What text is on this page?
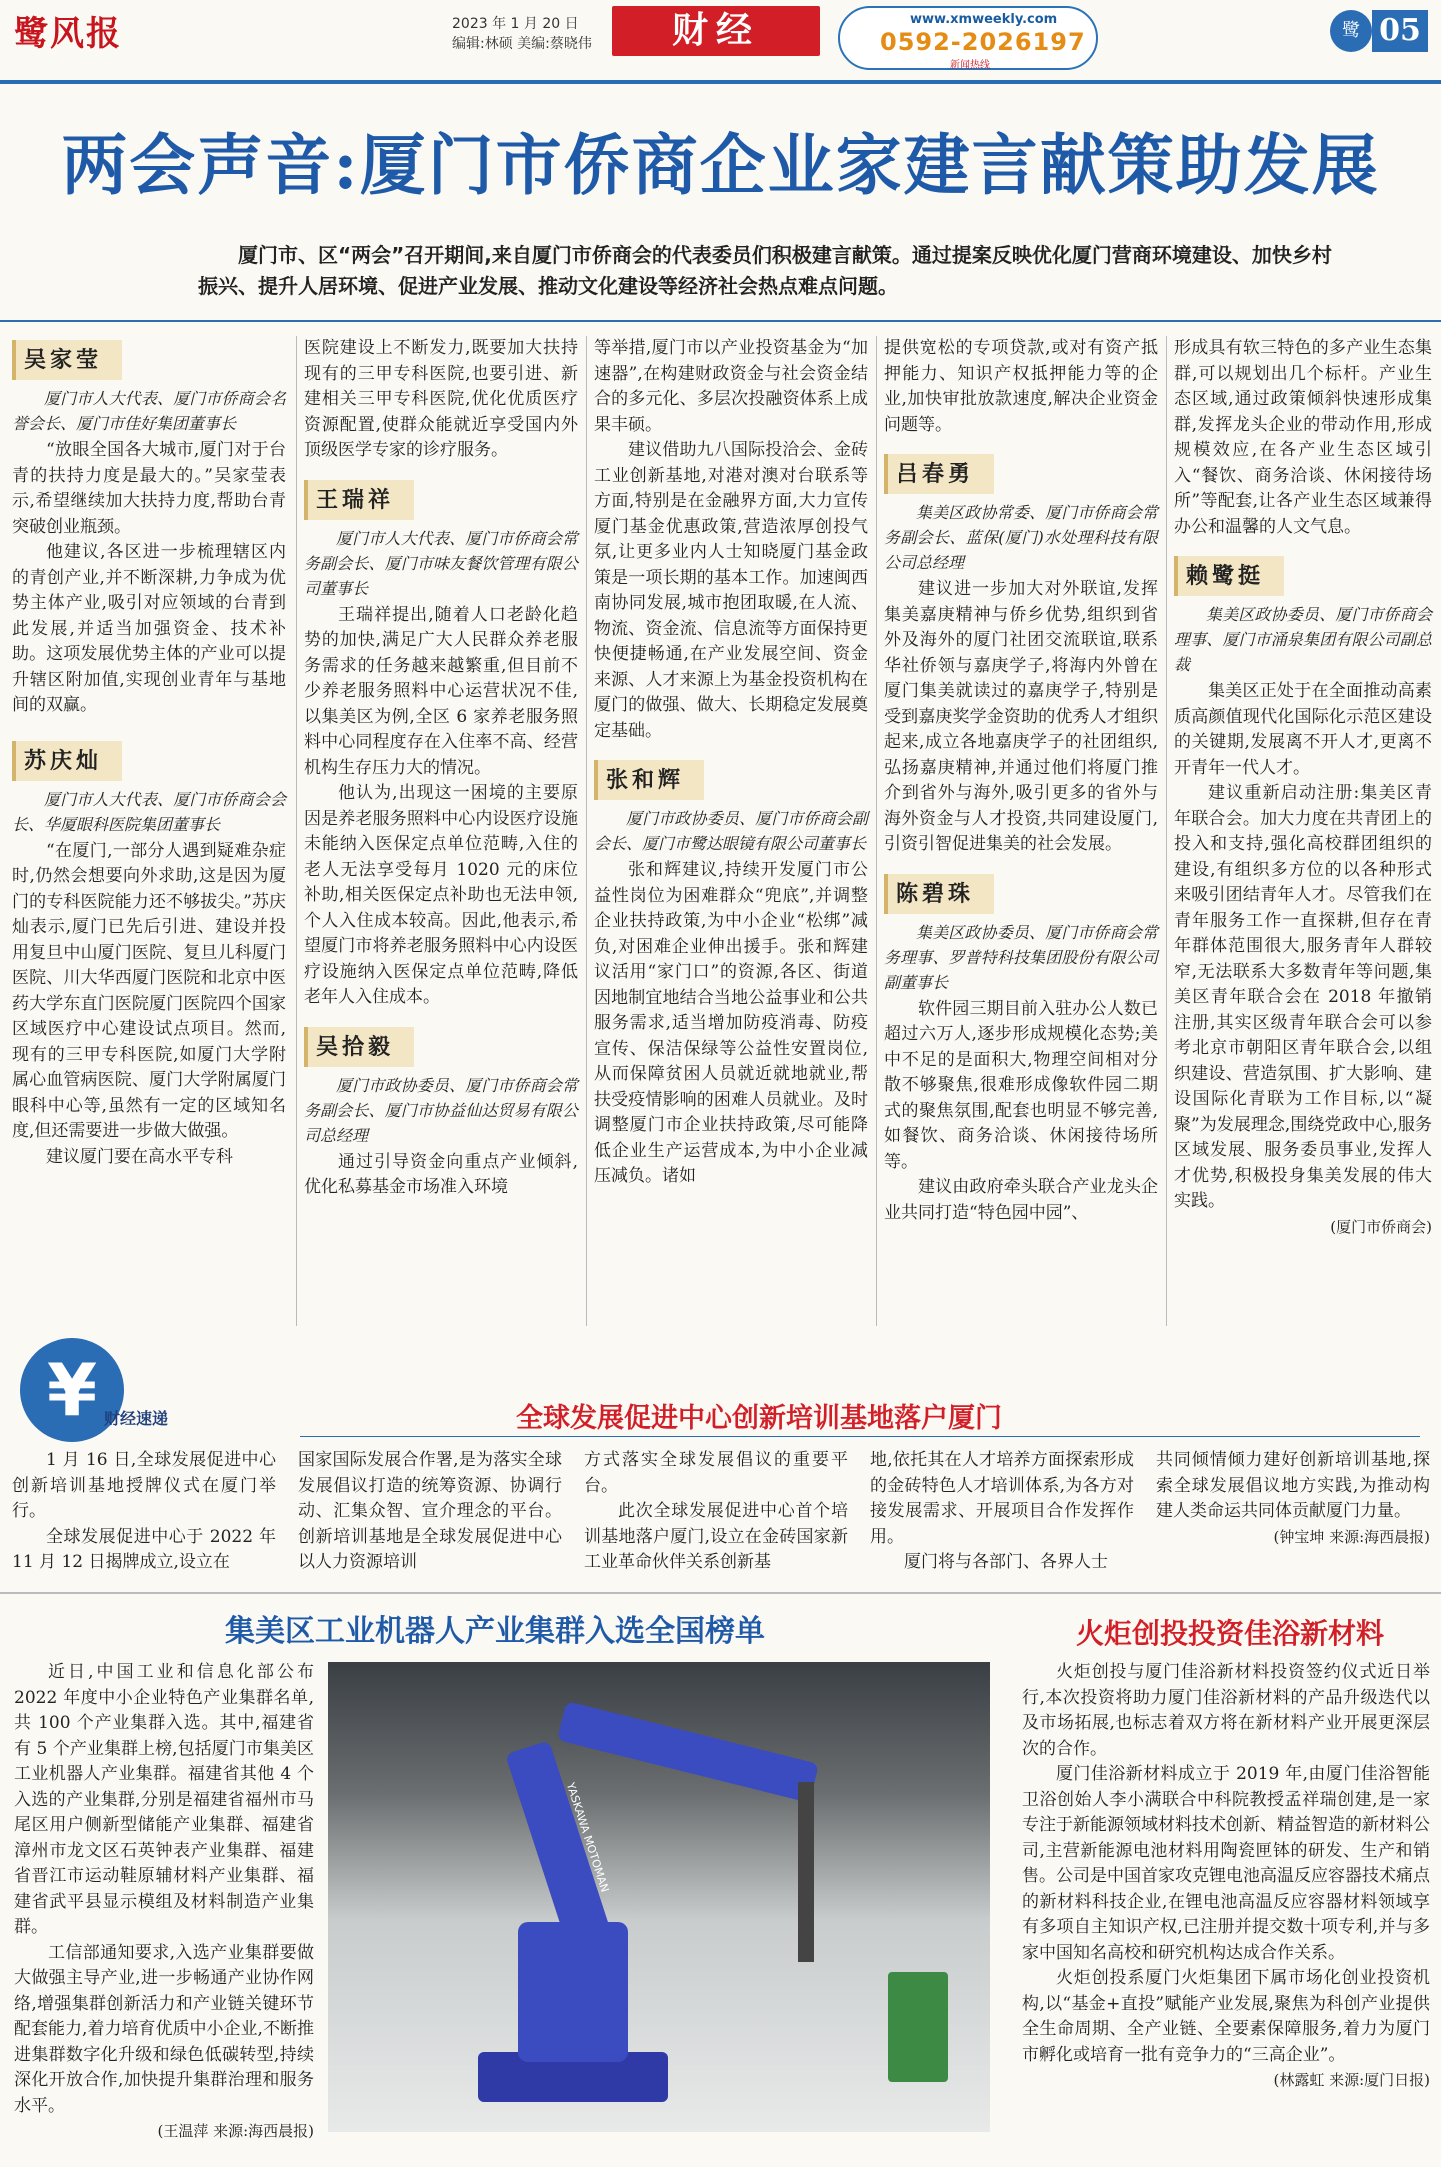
鹭风报	2023 年 1 月 20 日
编辑:林硕 美编:蔡晓伟	财经	www.xmweekly.com
0592-2026197
新闻热线
鹭 05
两会声音:厦门市侨商企业家建言献策助发展
厦门市、区“两会”召开期间,来自厦门市侨商会的代表委员们积极建言献策。通过提案反映优化厦门营商环境建设、加快乡村振兴、提升人居环境、促进产业发展、推动文化建设等经济社会热点难点问题。
吴家莹
厦门市人大代表、厦门市侨商会名誉会长、厦门市佳好集团董事长

“放眼全国各大城市,厦门对于台青的扶持力度是最大的。”吴家莹表示,希望继续加大扶持力度,帮助台青突破创业瓶颈。

他建议,各区进一步梳理辖区内的青创产业,并不断深耕,力争成为优势主体产业,吸引对应领域的台青到此发展,并适当加强资金、技术补助。这项发展优势主体的产业可以提升辖区附加值,实现创业青年与基地间的双赢。

苏庆灿
厦门市人大代表、厦门市侨商会会长、华厦眼科医院集团董事长

“在厦门,一部分人遇到疑难杂症时,仍然会想要向外求助,这是因为厦门的专科医院能力还不够拔尖。”苏庆灿表示,厦门已先后引进、建设并投用复旦中山厦门医院、复旦儿科厦门医院、川大华西厦门医院和北京中医药大学东直门医院厦门医院四个国家区域医疗中心建设试点项目。然而,现有的三甲专科医院,如厦门大学附属心血管病医院、厦门大学附属厦门眼科中心等,虽然有一定的区域知名度,但还需要进一步做大做强。

建议厦门要在高水平专科

医院建设上不断发力,既要加大扶持现有的三甲专科医院,也要引进、新建相关三甲专科医院,优化优质医疗资源配置,使群众能就近享受国内外顶级医学专家的诊疗服务。

王瑞祥
厦门市人大代表、厦门市侨商会常务副会长、厦门市味友餐饮管理有限公司董事长

王瑞祥提出,随着人口老龄化趋势的加快,满足广大人民群众养老服务需求的任务越来越繁重,但目前不少养老服务照料中心运营状况不佳,以集美区为例,全区 6 家养老服务照料中心同程度存在入住率不高、经营机构生存压力大的情况。

他认为,出现这一困境的主要原因是养老服务照料中心内设医疗设施未能纳入医保定点单位范畴,入住的老人无法享受每月 1020 元的床位补助,相关医保定点补助也无法申领,个人入住成本较高。因此,他表示,希望厦门市将养老服务照料中心内设医疗设施纳入医保定点单位范畴,降低老年人入住成本。

吴拾毅
厦门市政协委员、厦门市侨商会常务副会长、厦门市协益仙达贸易有限公司总经理

通过引导资金向重点产业倾斜,优化私募基金市场准入环境

等举措,厦门市以产业投资基金为“加速器”,在构建财政资金与社会资金结合的多元化、多层次投融资体系上成果丰硕。

建议借助九八国际投洽会、金砖工业创新基地,对港对澳对台联系等方面,特别是在金融界方面,大力宣传厦门基金优惠政策,营造浓厚创投气氛,让更多业内人士知晓厦门基金政策是一项长期的基本工作。加速闽西南协同发展,城市抱团取暖,在人流、物流、资金流、信息流等方面保持更快便捷畅通,在产业发展空间、资金来源、人才来源上为基金投资机构在厦门的做强、做大、长期稳定发展奠定基础。

张和辉
厦门市政协委员、厦门市侨商会副会长、厦门市鹭达眼镜有限公司董事长

张和辉建议,持续开发厦门市公益性岗位为困难群众“兜底”,并调整企业扶持政策,为中小企业“松绑”减负,对困难企业伸出援手。张和辉建议活用“家门口”的资源,各区、街道因地制宜地结合当地公益事业和公共服务需求,适当增加防疫消毒、防疫宣传、保洁保绿等公益性安置岗位,从而保障贫困人员就近就地就业,帮扶受疫情影响的困难人员就业。及时调整厦门市企业扶持政策,尽可能降低企业生产运营成本,为中小企业减压减负。诸如

提供宽松的专项贷款,或对有资产抵押能力、知识产权抵押能力等的企业,加快审批放款速度,解决企业资金问题等。

吕春勇
集美区政协常委、厦门市侨商会常务副会长、蓝保(厦门)水处理科技有限公司总经理

建议进一步加大对外联谊,发挥集美嘉庚精神与侨乡优势,组织到省外及海外的厦门社团交流联谊,联系华社侨领与嘉庚学子,将海内外曾在厦门集美就读过的嘉庚学子,特别是受到嘉庚奖学金资助的优秀人才组织起来,成立各地嘉庚学子的社团组织,弘扬嘉庚精神,并通过他们将厦门推介到省外与海外,吸引更多的省外与海外资金与人才投资,共同建设厦门,引资引智促进集美的社会发展。

陈碧珠
集美区政协委员、厦门市侨商会常务理事、罗普特科技集团股份有限公司副董事长

软件园三期目前入驻办公人数已超过六万人,逐步形成规模化态势;美中不足的是面积大,物理空间相对分散不够聚焦,很难形成像软件园二期式的聚焦氛围,配套也明显不够完善,如餐饮、商务洽谈、休闲接待场所等。

建议由政府牵头联合产业龙头企业共同打造“特色园中园”、

形成具有软三特色的多产业生态集群,可以规划出几个标杆。产业生态区域,通过政策倾斜快速形成集群,发挥龙头企业的带动作用,形成规模效应,在各产业生态区域引入“餐饮、商务洽谈、休闲接待场所”等配套,让各产业生态区域兼得办公和温馨的人文气息。

赖鹭挺
集美区政协委员、厦门市侨商会理事、厦门市涌泉集团有限公司副总裁

集美区正处于在全面推动高素质高颜值现代化国际化示范区建设的关键期,发展离不开人才,更离不开青年一代人才。

建议重新启动注册:集美区青年联合会。加大力度在共青团上的投入和支持,强化高校群团组织的建设,有组织多方位的以各种形式来吸引团结青年人才。尽管我们在青年服务工作一直探耕,但存在青年群体范围很大,服务青年人群较窄,无法联系大多数青年等问题,集美区青年联合会在 2018 年撤销注册,其实区级青年联合会可以参考北京市朝阳区青年联合会,以组织建设、营造氛围、扩大影响、建设国际化青联为工作目标,以“凝聚”为发展理念,围绕党政中心,服务区域发展、服务委员事业,发挥人才优势,积极投身集美发展的伟大实践。

(厦门市侨商会)
¥ 财经速递	全球发展促进中心创新培训基地落户厦门

1 月 16 日,全球发展促进中心创新培训基地授牌仪式在厦门举行。

全球发展促进中心于 2022 年 11 月 12 日揭牌成立,设立在

国家国际发展合作署,是为落实全球发展倡议打造的统筹资源、协调行动、汇集众智、宣介理念的平台。创新培训基地是全球发展促进中心以人力资源培训

方式落实全球发展倡议的重要平台。

此次全球发展促进中心首个培训基地落户厦门,设立在金砖国家新工业革命伙伴关系创新基

地,依托其在人才培养方面探索形成的金砖特色人才培训体系,为各方对接发展需求、开展项目合作发挥作用。

厦门将与各部门、各界人士

共同倾情倾力建好创新培训基地,探索全球发展倡议地方实践,为推动构建人类命运共同体贡献厦门力量。

(钟宝坤 来源:海西晨报)
集美区工业机器人产业集群入选全国榜单

近日,中国工业和信息化部公布 2022 年度中小企业特色产业集群名单,共 100 个产业集群入选。其中,福建省有 5 个产业集群上榜,包括厦门市集美区工业机器人产业集群。福建省其他 4 个入选的产业集群,分别是福建省福州市马尾区用户侧新型储能产业集群、福建省漳州市龙文区石英钟表产业集群、福建省晋江市运动鞋原辅材料产业集群、福建省武平县显示模组及材料制造产业集群。

工信部通知要求,入选产业集群要做大做强主导产业,进一步畅通产业协作网络,增强集群创新活力和产业链关键环节配套能力,着力培育优质中小企业,不断推进集群数字化升级和绿色低碳转型,持续深化开放合作,加快提升集群治理和服务水平。

(王温萍 来源:海西晨报)
YASKAWA MOTOMAN
火炬创投投资佳浴新材料

火炬创投与厦门佳浴新材料投资签约仪式近日举行,本次投资将助力厦门佳浴新材料的产品升级迭代以及市场拓展,也标志着双方将在新材料产业开展更深层次的合作。

厦门佳浴新材料成立于 2019 年,由厦门佳浴智能卫浴创始人李小满联合中科院教授孟祥瑞创建,是一家专注于新能源领域材料技术创新、精益智造的新材料公司,主营新能源电池材料用陶瓷匣钵的研发、生产和销售。公司是中国首家攻克锂电池高温反应容器技术痛点的新材料科技企业,在锂电池高温反应容器材料领域享有多项自主知识产权,已注册并提交数十项专利,并与多家中国知名高校和研究机构达成合作关系。

火炬创投系厦门火炬集团下属市场化创业投资机构,以“基金+直投”赋能产业发展,聚焦为科创产业提供全生命周期、全产业链、全要素保障服务,着力为厦门市孵化或培育一批有竞争力的“三高企业”。

(林露虹 来源:厦门日报)
